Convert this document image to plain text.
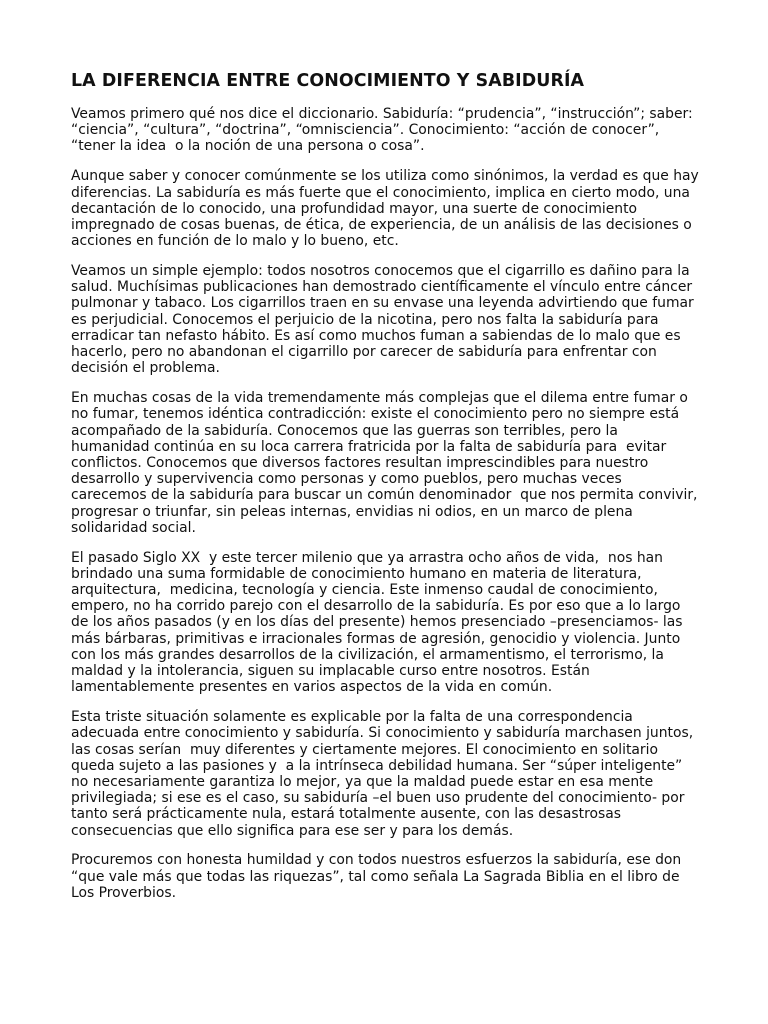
LA DIFERENCIA ENTRE CONOCIMIENTO Y SABIDURÍA
Veamos primero qué nos dice el diccionario. Sabiduría: “prudencia”, “instrucción”; saber:
“ciencia”, “cultura”, “doctrina”, “omnisciencia”. Conocimiento: “acción de conocer”,
“tener la idea  o la noción de una persona o cosa”.
Aunque saber y conocer comúnmente se los utiliza como sinónimos, la verdad es que hay
diferencias. La sabiduría es más fuerte que el conocimiento, implica en cierto modo, una
decantación de lo conocido, una profundidad mayor, una suerte de conocimiento
impregnado de cosas buenas, de ética, de experiencia, de un análisis de las decisiones o
acciones en función de lo malo y lo bueno, etc.
Veamos un simple ejemplo: todos nosotros conocemos que el cigarrillo es dañino para la
salud. Muchísimas publicaciones han demostrado científicamente el vínculo entre cáncer
pulmonar y tabaco. Los cigarrillos traen en su envase una leyenda advirtiendo que fumar
es perjudicial. Conocemos el perjuicio de la nicotina, pero nos falta la sabiduría para
erradicar tan nefasto hábito. Es así como muchos fuman a sabiendas de lo malo que es
hacerlo, pero no abandonan el cigarrillo por carecer de sabiduría para enfrentar con
decisión el problema.
En muchas cosas de la vida tremendamente más complejas que el dilema entre fumar o
no fumar, tenemos idéntica contradicción: existe el conocimiento pero no siempre está
acompañado de la sabiduría. Conocemos que las guerras son terribles, pero la
humanidad continúa en su loca carrera fratricida por la falta de sabiduría para  evitar
conflictos. Conocemos que diversos factores resultan imprescindibles para nuestro
desarrollo y supervivencia como personas y como pueblos, pero muchas veces
carecemos de la sabiduría para buscar un común denominador  que nos permita convivir,
progresar o triunfar, sin peleas internas, envidias ni odios, en un marco de plena
solidaridad social.
El pasado Siglo XX  y este tercer milenio que ya arrastra ocho años de vida,  nos han
brindado una suma formidable de conocimiento humano en materia de literatura,
arquitectura,  medicina, tecnología y ciencia. Este inmenso caudal de conocimiento,
empero, no ha corrido parejo con el desarrollo de la sabiduría. Es por eso que a lo largo
de los años pasados (y en los días del presente) hemos presenciado –presenciamos- las
más bárbaras, primitivas e irracionales formas de agresión, genocidio y violencia. Junto
con los más grandes desarrollos de la civilización, el armamentismo, el terrorismo, la
maldad y la intolerancia, siguen su implacable curso entre nosotros. Están
lamentablemente presentes en varios aspectos de la vida en común.
Esta triste situación solamente es explicable por la falta de una correspondencia
adecuada entre conocimiento y sabiduría. Si conocimiento y sabiduría marchasen juntos,
las cosas serían  muy diferentes y ciertamente mejores. El conocimiento en solitario
queda sujeto a las pasiones y  a la intrínseca debilidad humana. Ser “súper inteligente”
no necesariamente garantiza lo mejor, ya que la maldad puede estar en esa mente
privilegiada; si ese es el caso, su sabiduría –el buen uso prudente del conocimiento- por
tanto será prácticamente nula, estará totalmente ausente, con las desastrosas
consecuencias que ello significa para ese ser y para los demás.
Procuremos con honesta humildad y con todos nuestros esfuerzos la sabiduría, ese don
“que vale más que todas las riquezas”, tal como señala La Sagrada Biblia en el libro de
Los Proverbios.
